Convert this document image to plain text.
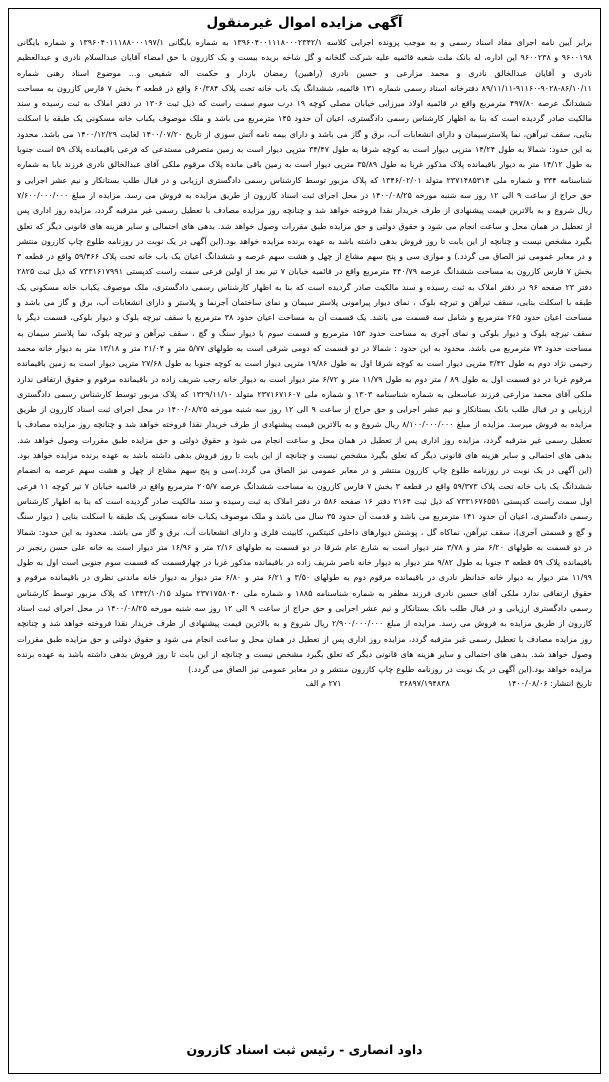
آگهی مزایده اموال غیرمنقول

برابر آیین نامه اجرای مفاد اسناد رسمی و به موجب پرونده اجرایی کلاسه ۱۳۹۶۰۴۰۰۱۱۱۸۰۰۰۲۳۴۲/۱ به شماره بایگانی ۱۳۹۶۰۴۰۱۱۱۸۸۰۰۰۱۹۷/۱ و شماره بایگانی ۹۶۰۰۱۹۸ و ۹۶۰۰۲۳۸ این اداره، له بانک ملت شعبه قائمیه علیه شرکت گلخانه و گل شاخه بریده بیست و یک کازرون با حق امضاء آقایان عبدالسلام نادری و عبدالعظیم نادری و آقایان عبدالخالق نادری و محمد مزارعی و حسین نادری (راهبین) رمضان بازدار و حکمت اله شفیعی و... موضوع اسناد رهنی شماره ۸۶/۱۰/۱۱-۹۰۲۸-۹۱۱۶۰-۸۹/۱۱/۱۱ دفترخانه اسناد رسمی شماره ۱۳۱ قائمیه، ششدانگ یک باب خانه تحت پلاک ۶۰/۳۸۴ واقع در قطعه ۳ بخش ۷ فارس کازرون به مساحت ششدانگ عرصه ۴۹۷/۸۰ مترمربع واقع در قائمیه اولاد میرزایی خیابان مصلی کوچه ۱۹ درب سوم سمت راست که ذیل ثبت ۱۳۰۶ در دفتر املاک به ثبت رسیده و سند مالکیت صادر گردیده است که بنا به اظهار کارشناس رسمی دادگستری، اعیان آن حدود ۱۴۵ مترمربع می باشد و ملک موصوف یکباب خانه مسکونی یک طبقه با اسکلت بنایی، سقف تیرآهن، نما پلاسترسیمان و دارای انشعابات آب، برق و گاز می باشد و دارای بیمه نامه آتش سوزی از تاریخ ۱۴۰۰/۰۷/۲۰ لغایت ۱۴۰۰/۱۲/۲۹ می باشد. محدود به این حدود: شمالا به طول ۱۴/۲۴ مترپی دیوار است به کوچه شرقا به طول ۳۴/۴۷ مترپی دیوار است به زمین متصرفی مستدعی که فرعی باقیمانده پلاک ۵۹ است جنوبا به طول ۱۴/۱۲ متر به دیوار باقیمانده پلاک مذکور غربا به طول ۳۵/۸۹ مترپی دیوار است به زمین باقی مانده پلاک مرقوم ملکی آقای عبدالخالق نادری فرزند بابا به شماره شناسنامه ۳۳۴ و شماره ملی ۲۳۷۱۴۸۵۳۱۴ متولد ۱۳۴۶/۰۲/۰۱ که پلاک مزبور توسط کارشناس رسمی دادگستری ارزیابی و در قبال طلب بستانکار و نیم عشر اجرایی و حق حراج از ساعت ۹ الی ۱۲ روز سه شنبه مورخه ۱۴۰۰/۰۸/۲۵ در محل اجرای ثبت اسناد کازرون از طریق مزایده به فروش می رسد. مزایده از مبلغ ۷/۶۰۰/۰۰۰/۰۰۰ ریال شروع و به بالاترین قیمت پیشنهادی از طرف خریدار نقدا فروخته خواهد شد و چنانچه روز مزایده مصادف با تعطیل رسمی غیر مترقبه گردد، مزایده روز اداری پس از تعطیل در همان محل و ساعت انجام می شود و حقوق دولتی و حق مزایده طبق مقررات وصول خواهد شد. بدهی های احتمالی و سایر هزینه های قانونی دیگر که تعلق بگیرد مشخص نیست و چنانچه از این بابت تا روز فروش بدهی داشته باشد به عهده برنده مزایده خواهد بود.(این آگهی در یک نوبت در روزنامه طلوع چاپ کازرون منتشر و در معابر عمومی نیز الصاق می گردد.) و موازی سی و پنج سهم مشاع از چهل و هشت سهم عرصه و ششدانگ اعیان یک باب خانه تحت پلاک ۵۹/۴۶۶ واقع در قطعه ۳ بخش ۷ فارس کازرون به مساحت ششدانگ عرصه ۴۴۰/۷۹ مترمربع واقع در قائمیه خیابان ۷ تیر بعد از اولین فرعی سمت راست کدپستی ۷۳۳۱۶۱۷۹۹۱ که ذیل ثبت ۲۸۲۵ دفتر ۲۳ صفحه ۹۶ در دفتر املاک به ثبت رسیده و سند مالکیت صادر گردیده است که بنا به اظهار کارشناس رسمی دادگستری، ملک موصوف یکباب خانه مسکونی یک طبقه با اسکلت بنایی، سقف تیرآهن و تیرچه بلوک ، نمای دیوار پیرامونی پلاستر سیمان و نمای ساختمان آجرنما و پلاستر و دارای انشعابات آب، برق و گاز می باشد و مساحت اعیان حدود ۲۶۵ مترمربع و شامل سه قسمت می باشد. یک قسمت آن به مساحت اعیان حدود ۳۸ مترمربع با سقف تیرچه بلوک و دیوار بلوکی، قسمت دیگر با سقف تیرچه بلوک و دیوار بلوکی و نمای آجری به مساحت حدود ۱۵۳ مترمربع و قسمت سوم با دیوار سنگ و گچ ، سقف تیرآهن و تیرچه بلوک، نما پلاستر سیمان به مساحت حدود ۷۴ مترمربع می باشد. محدود به این حدود : شمالا در دو قسمت که دومی شرقی است به طولهای ۵/۷۷ متر و ۲۱/۰۴ متر و ۱۳/۱۸ متر به دیوار خانه محمد رحیمی نژاد دوم به طول ۳/۴۲ مترپی دیوار است به کوچه شرقا اول به طول ۱۹/۸۶ مترپی دیوار است به کوچه جنوبا به طول ۲۷/۶۸ مترپی دیوار است به زمین باقیمانده مرقوم غربا در دو قسمت اول به طول ۸۹ / متر دوم به طول ۱۱/۷۹ متر و ۶/۷۲ متر دیوار است به دیوار خانه رجب شریف زاده در باقیمانده مرقوم و حقوق ارتفاقی ندارد ملکی آقای محمد مزارعی فرزند عباسعلی به شماره شناسنامه ۱۳۰۳ و شماره ملی ۲۳۷۱۶۷۱۶۰۷ متولد ۱۳۲۹/۱۱/۱۰ که پلاک مزبور توسط کارشناس رسمی دادگستری ارزیابی و در قبال طلب بانک بستانکار و نیم عشر اجرایی و حق حراج از ساعت ۹ الی ۱۲ روز سه شنبه مورخه ۱۴۰۰/۰۸/۲۵ در محل اجرای ثبت اسناد کازرون از طریق مزایده به فروش میرسد. مزایده از مبلغ ۸/۱۰۰/۰۰۰/۰۰۰ ریال شروع و به بالاترین قیمت پیشنهادی از طرف خریدار نقدا فروخته خواهد شد و چنانچه روز مزایده مصادف با تعطیل رسمی غیر مترقبه گردد، مزایده روز اداری پس از تعطیل در همان محل و ساعت انجام می شود و حقوق دولتی و حق مزایده طبق مقررات وصول خواهد شد. بدهی های احتمالی و سایر هزینه های قانونی دیگر که تعلق بگیرد مشخص نیست و چنانچه از این بابت تا روز فروش بدهی داشته باشد به عهده برنده مزایده خواهد بود.(این آگهی در یک نوبت در روزنامه طلوع چاپ کازرون منتشر و در معابر عمومی نیز الصاق می گردد.)سی و پنج سهم مشاع از چهل و هشت سهم عرصه به انضمام ششدانگ یک باب خانه تحت پلاک ۵۹/۳۷۳ واقع در قطعه ۳ بخش ۷ فارس کازرون به مساحت ششدانگ عرصه ۲۰۵/۷ مترمربع واقع در قائمیه خیابان ۷ تیر کوچه ۱۱ فرعی اول سمت راست کدپستی ۷۳۳۱۶۷۶۵۵۱ که ذیل ثبت ۲۱۶۴ دفتر ۱۶ صفحه ۵۸۶ در دفتر املاک به ثبت رسیده و سند مالکیت صادر گردیده است که بنا به اظهار کارشناس رسمی دادگستری، اعیان آن حدود ۱۴۱ مترمربع می باشد و قدمت آن حدود ۳۵ سال می باشد و ملک موصوف یکباب خانه مسکونی یک طبقه با اسکلت بنایی ( دیوار سنگ و گچ و قسمتی آجری)، سقف تیرآهن، نماکاه گل ، پوشش دیوارهای داخلی کنیتکس، کابینت فلزی و دارای انشعابات آب، برق و گاز می باشد. محدود به این حدود: شمالا در دو قسمت به طولهای ۶/۲۰ متر و ۳/۷۸ متر دیوار است به شارع عام شرقا در دو قسمت به طولهای ۲/۱۶ متر و ۱۶/۹۶ متر دیوار است به خانه علی حسن رنجبر در باقیمانده پلاک ۵۹ قطعه ۳ جنوبا به طول ۹/۸۲ متر دیوار به دیوار خانه ناصر شریف زاده در باقیمانده مذکور غربا در چهارقسمت که قسمت سوم جنوبی است اول به طول ۱۱/۹۹ متر دیوار به دیوار خانه خدانظر نادری در باقیمانده مرقوم دوم به طولهای ۳/۵۰ و ۶/۲۱ متر و ۶/۸۰ متر دیوار به دیوار خانه ماندنی نظری در باقیمانده مرقوم و حقوق ارتفاقی ندارد ملکی آقای حسین نادری فرزند مظفر به شماره شناسنامه ۱۸۸۵ و شماره ملی ۲۳۷۱۷۵۸۰۴۰ متولد ۱۳۴۲/۱۰/۱۵ که پلاک مزبور توسط کارشناس رسمی دادگستری ارزیابی و در قبال طلب بانک بستانکار و نیم عشر اجرایی و حق حراج از ساعت ۹ الی ۱۲ روز سه شنبه مورخه ۱۴۰۰/۰۸/۲۵ در محل اجرای ثبت اسناد کازرون از طریق مزایده به فروش می رسد. مزایده از مبلغ ۲/۹۰۰/۰۰۰/۰۰۰ ریال شروع و به بالاترین قیمت پیشنهادی از طرف خریدار نقدا فروخته خواهد شد و چنانچه روز مزایده مصادف با تعطیل رسمی غیر مترقبه گردد، مزایده روز اداری پس از تعطیل در همان محل و ساعت انجام می شود و حقوق دولتی و حق مزایده طبق مقررات وصول خواهد شد. بدهی های احتمالی و سایر هزینه های قانونی دیگر که تعلق بگیرد مشخص نیست و چنانچه از این بابت تا روز فروش بدهی داشته باشد به عهده برنده مزایده خواهد بود.(این آگهی در یک نوبت در روزنامه طلوع چاپ کازرون منتشر و در معابر عمومی نیز الصاق می گردد.)

تاریخ انتشار: ۱۴۰۰/۰۸/۰۶
۳۶۸۹۷/۱۹۴۸۳۸
۲۷۱ م الف
داود انصاری - رئیس ثبت اسناد کازرون
